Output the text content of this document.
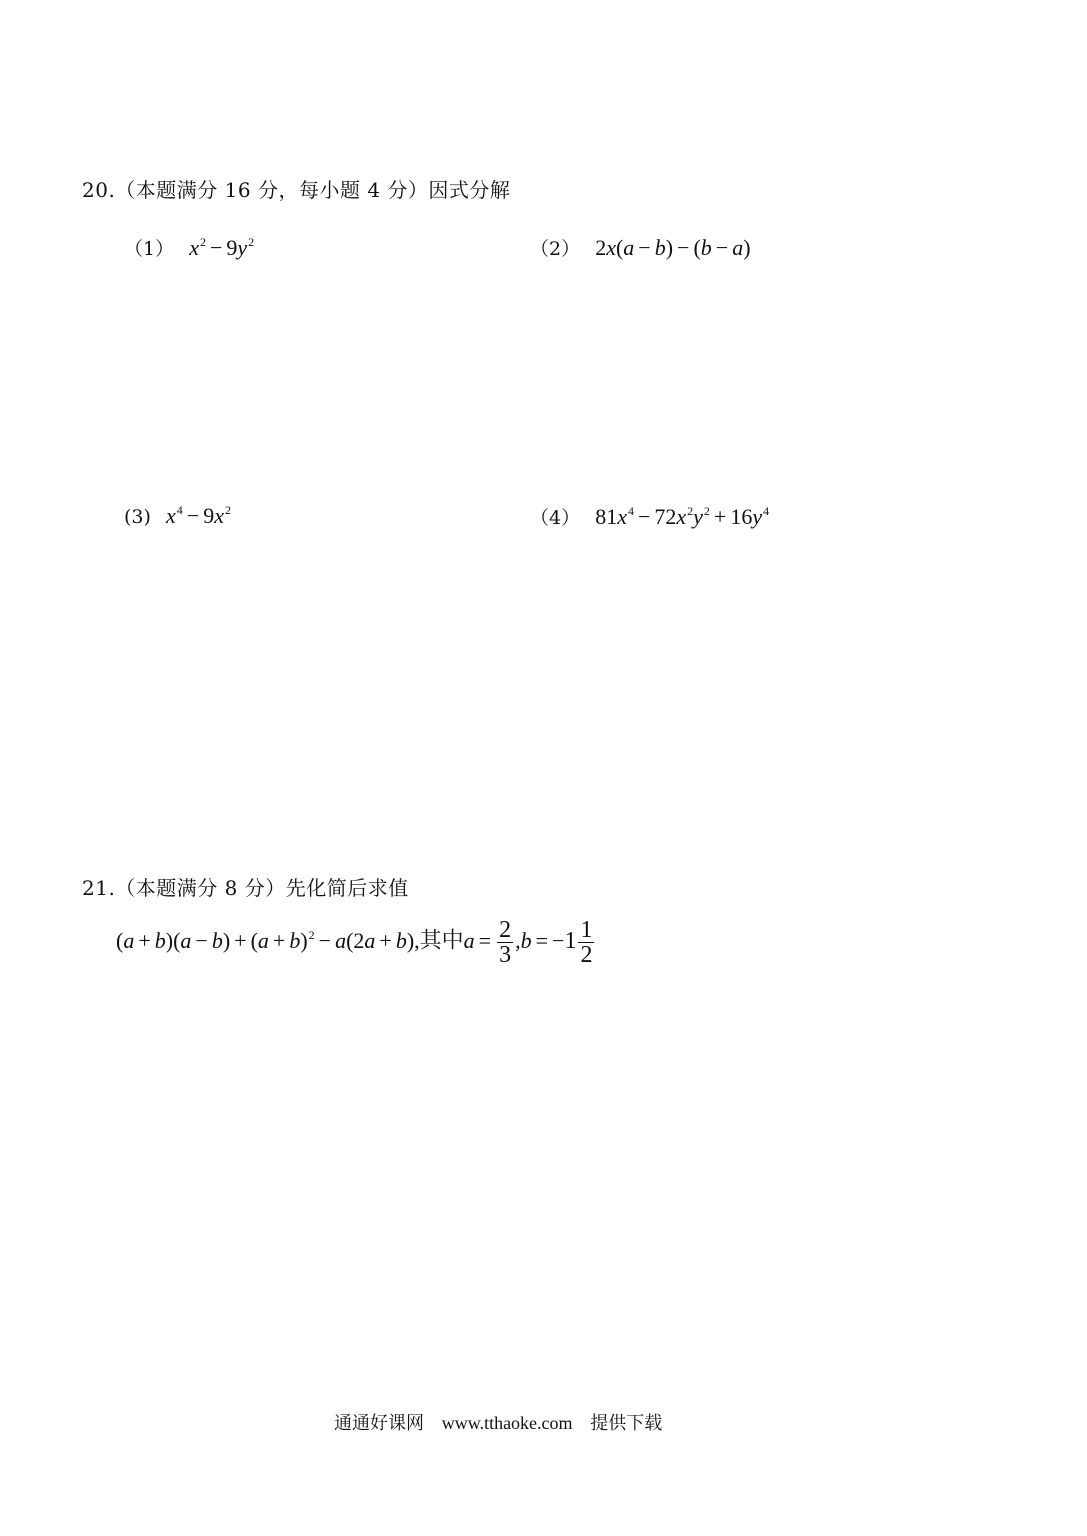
20.（本题满分 16 分，每小题 4 分）因式分解
（1） $x^2 - 9y^2$	（2） 2x(a − b) − (b − a)
(3) $x^4 - 9x^2$	（4） $81x^4 - 72x^2y^2 + 16y^4$
21.（本题满分 8 分）先化简后求值
$(a + b)(a - b) + (a + b)^2 - a(2a + b)$,其中$a = \frac{2}{3} ,b = -1 \frac{1}{2}$
通通好课网 www.tthaoke.com 提供下载
